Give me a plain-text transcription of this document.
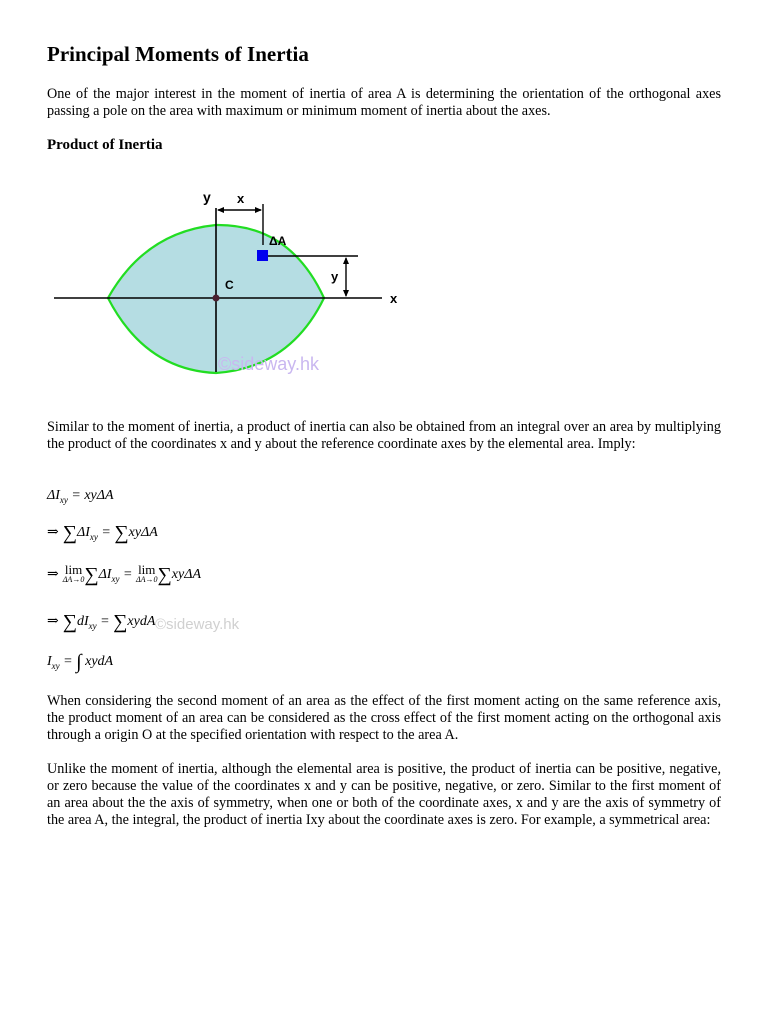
Principal Moments of Inertia

One of the major interest in the moment of inertia of area A is determining the orientation of the orthogonal axes passing a pole on the area with maximum or minimum moment of inertia about the axes.

Product of Inertia
y x
ΔA
y
C
x
©sideway.hk

Similar to the moment of inertia, a product of inertia can also be obtained from an integral over an area by multiplying the product of the coordinates x and y about the reference coordinate axes by the elemental area. Imply:

$\Delta I_{xy} = xy\Delta A$
⇒ $\sum\Delta I_{xy} = \sum xy\Delta A$
⇒ lim
ΔA→0 $\sum\Delta I_{xy} = \lim$
ΔA→0 ∑xyΔA
⇒ $\sum dI_{xy}$ = ∑xydA ©sideway.hk
$I_{xy}$ = ∫ xydA

When considering the second moment of an area as the effect of the first moment acting on the same reference axis, the product moment of an area can be considered as the cross effect of the first moment acting on the orthogonal axis through a origin O at the specified orientation with respect to the area A.

Unlike the moment of inertia, although the elemental area is positive, the product of inertia can be positive, negative, or zero because the value of the coordinates x and y can be positive, negative, or zero. Similar to the first moment of an area about the the axis of symmetry, when one or both of the coordinate axes, x and y are the axis of symmetry of the area A, the integral, the product of inertia Ixy about the coordinate axes is zero. For example, a symmetrical area:
